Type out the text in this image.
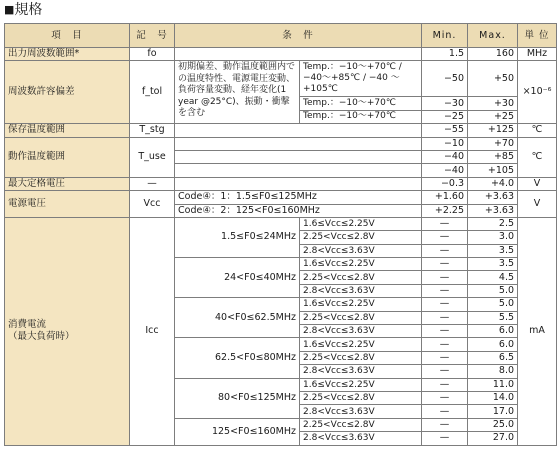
■規格
項　目	記　号	条　件		Min.	Max.	単 位
出力周波数範囲*	fo			1.5	160	MHz
周波数許容偏差	f_tol	初期偏差、動作温度範囲内での温度特性、電源電圧変動、負荷容量変動、経年変化(1 year @25°C)、振動・衝撃を含む	Temp.：−10〜+70℃ / −40〜+85℃ / −40 〜 +105℃	−50	+50	×10⁻⁶
			Temp.：−10〜+70℃	−30	+30	
			Temp.：−10〜+70℃	−25	+25	
保存温度範囲	T_stg			−55	+125	℃
動作温度範囲	T_use			−10	+70	℃
				−40	+85	
				−40	+105	
最大定格電圧	—			−0.3	+4.0	V
電源電圧	Vcc	Code④：1：1.5≤F0≤125MHz		+1.60	+3.63	V
		Code④：2：125<F0≤160MHz		+2.25	+3.63	
消費電流
（最大負荷時）	Icc	1.5≤F0≤24MHz	1.6≤Vcc≤2.25V	—	2.5	mA
			2.25<Vcc≤2.8V	—	3.0	
			2.8<Vcc≤3.63V	—	3.5	
		24<F0≤40MHz	1.6≤Vcc≤2.25V	—	3.5	
			2.25<Vcc≤2.8V	—	4.5	
			2.8<Vcc≤3.63V	—	5.0	
		40<F0≤62.5MHz	1.6≤Vcc≤2.25V	—	5.0	
			2.25<Vcc≤2.8V	—	5.5	
			2.8<Vcc≤3.63V	—	6.0	
		62.5<F0≤80MHz	1.6≤Vcc≤2.25V	—	6.0	
			2.25<Vcc≤2.8V	—	6.5	
			2.8<Vcc≤3.63V	—	8.0	
		80<F0≤125MHz	1.6≤Vcc≤2.25V	—	11.0	
			2.25<Vcc≤2.8V	—	14.0	
			2.8<Vcc≤3.63V	—	17.0	
		125<F0≤160MHz	2.25<Vcc≤2.8V	—	25.0	
			2.8<Vcc≤3.63V	—	27.0	
